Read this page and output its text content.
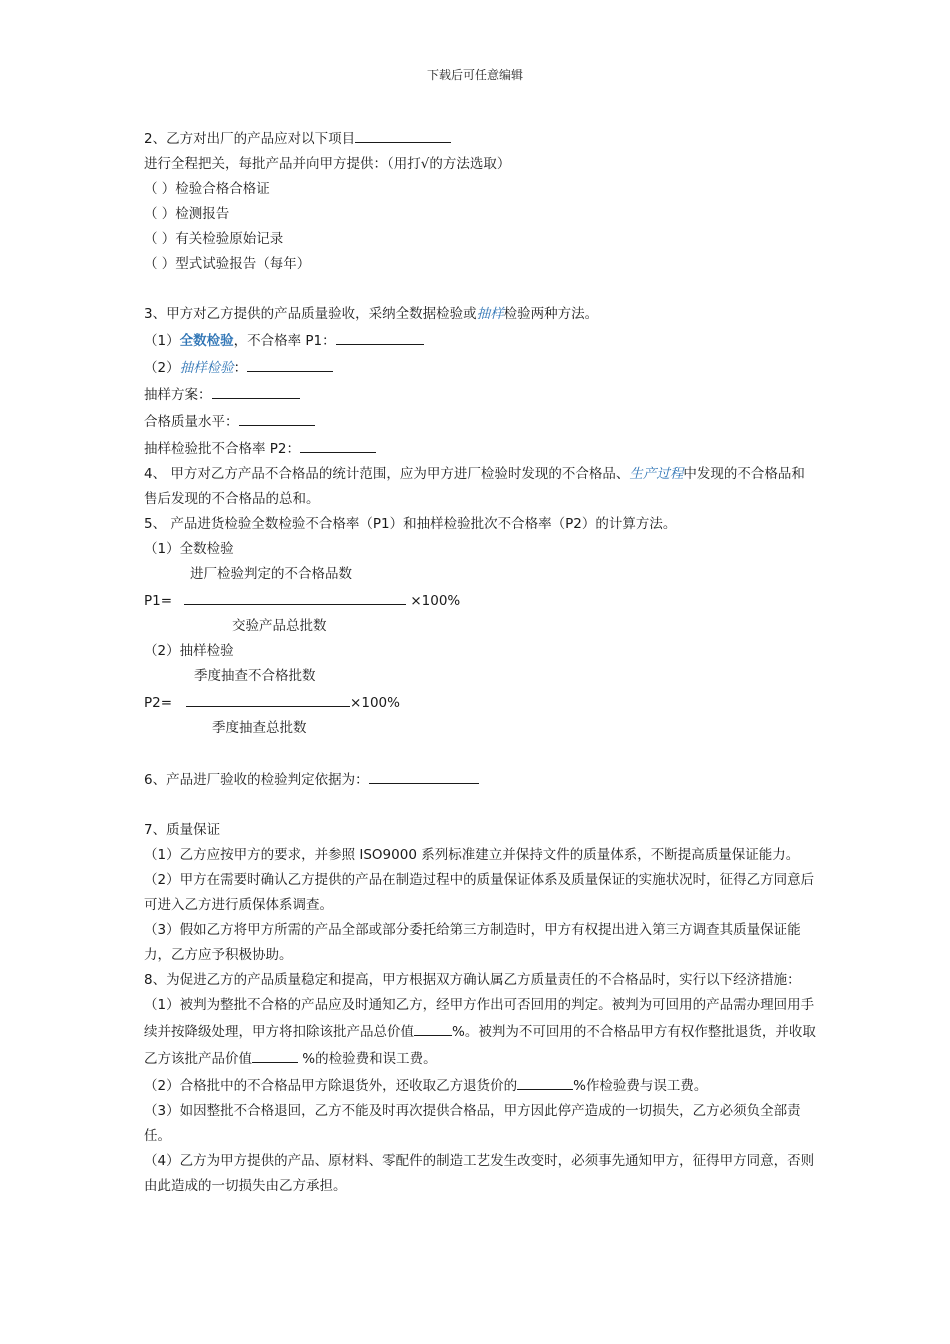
下载后可任意编辑

2、乙方对出厂的产品应对以下项目进行全程把关，每批产品并向甲方提供：（用打√的方法选取）

（ ）检验合格合格证

（ ）检测报告

（ ）有关检验原始记录

（ ）型式试验报告（每年）

3、甲方对乙方提供的产品质量验收，采纳全数据检验或抽样检验两种方法。

（1）全数检验，不合格率 P1：

（2）抽样检验：

抽样方案：

合格质量水平：

抽样检验批不合格率 P2：

4、 甲方对乙方产品不合格品的统计范围，应为甲方进厂检验时发现的不合格品、生产过程中发现的不合格品和售后发现的不合格品的总和。

5、 产品进货检验全数检验不合格率（P1）和抽样检验批次不合格率（P2）的计算方法。

（1）全数检验

进厂检验判定的不合格品数

P1=	×100%

交验产品总批数

（2）抽样检验

季度抽查不合格批数

P2=	×100%

季度抽查总批数

6、产品进厂验收的检验判定依据为：

7、质量保证

（1）乙方应按甲方的要求，并参照 ISO9000 系列标准建立并保持文件的质量体系，不断提高质量保证能力。

（2）甲方在需要时确认乙方提供的产品在制造过程中的质量保证体系及质量保证的实施状况时，征得乙方同意后可进入乙方进行质保体系调查。

（3）假如乙方将甲方所需的产品全部或部分委托给第三方制造时，甲方有权提出进入第三方调查其质量保证能力，乙方应予积极协助。

8、为促进乙方的产品质量稳定和提高，甲方根据双方确认属乙方质量责任的不合格品时，实行以下经济措施：

（1）被判为整批不合格的产品应及时通知乙方，经甲方作出可否回用的判定。被判为可回用的产品需办理回用手续并按降级处理，甲方将扣除该批产品总价值	%。被判为不可回用的不合格品甲方有权作整批退货，并收取乙方该批产品价值	%的检验费和误工费。

（2）合格批中的不合格品甲方除退货外，还收取乙方退货价的	%作检验费与误工费。

（3）如因整批不合格退回，乙方不能及时再次提供合格品，甲方因此停产造成的一切损失，乙方必须负全部责任。

（4）乙方为甲方提供的产品、原材料、零配件的制造工艺发生改变时，必须事先通知甲方，征得甲方同意，否则由此造成的一切损失由乙方承担。
